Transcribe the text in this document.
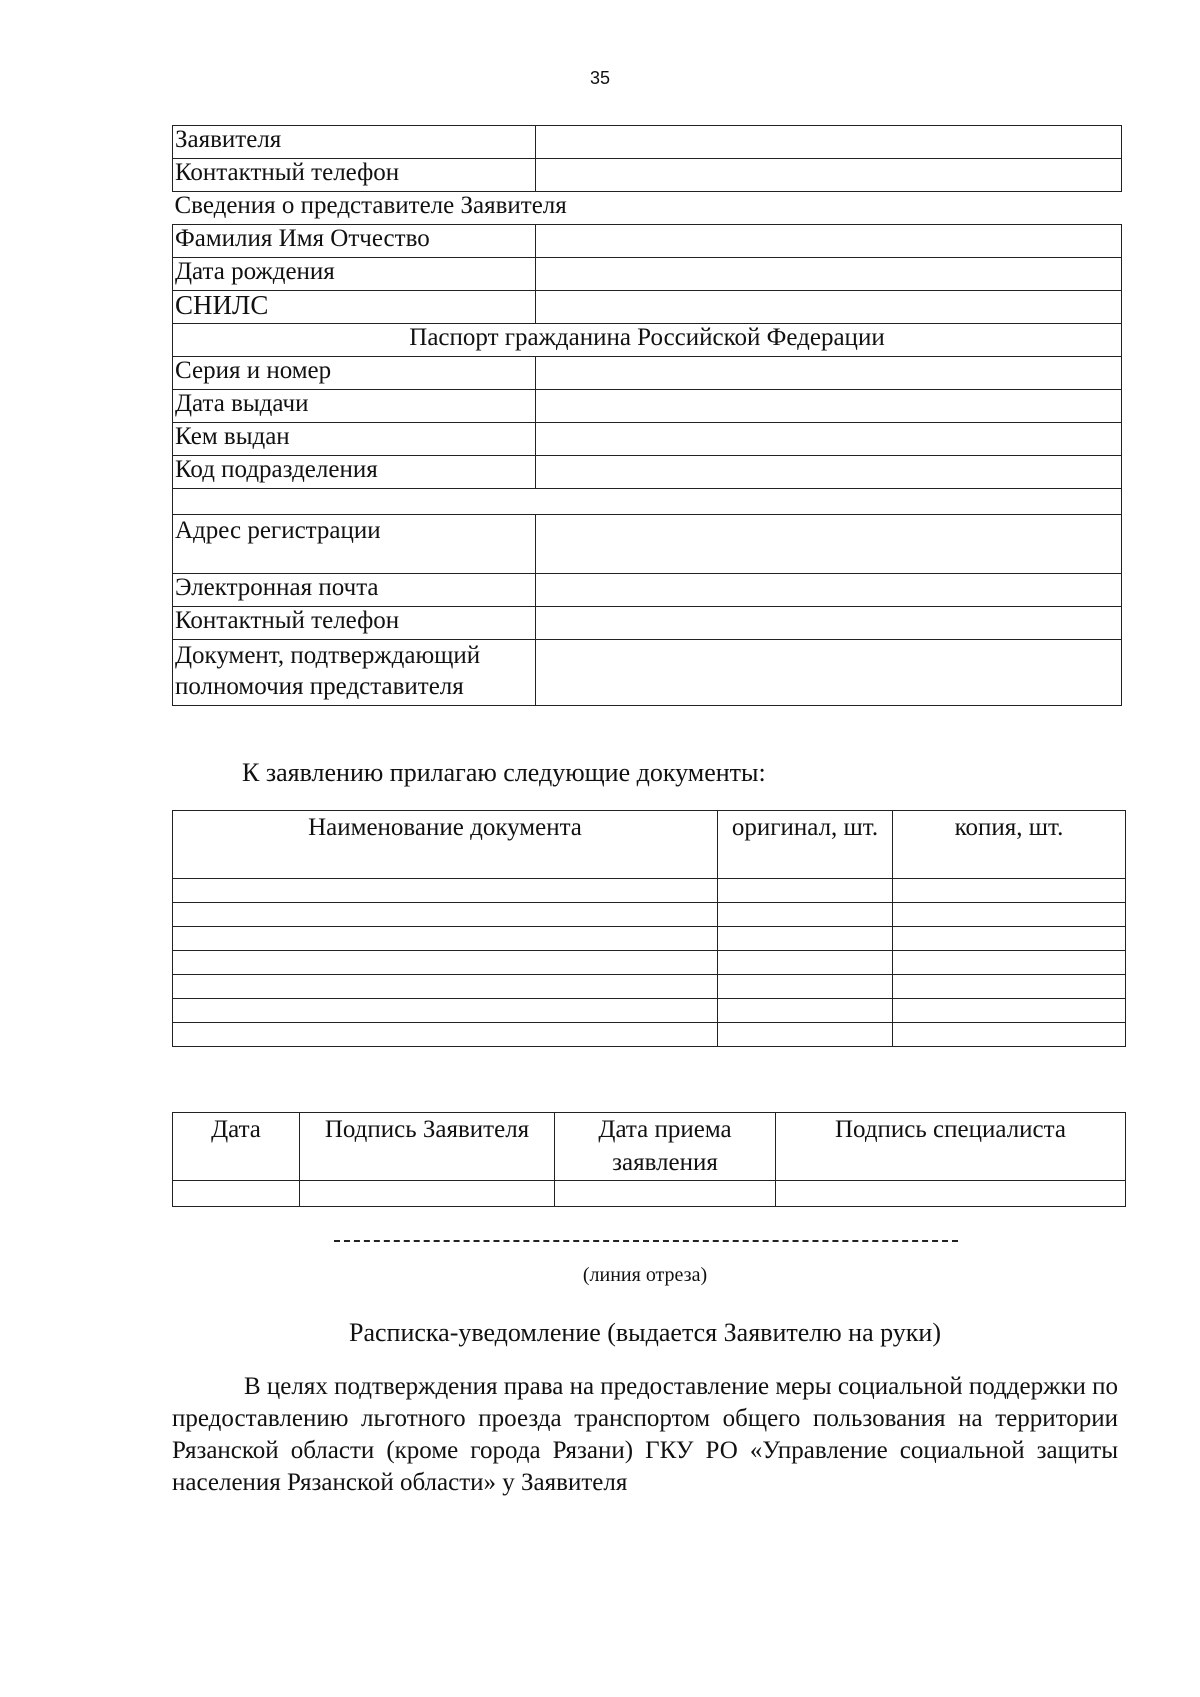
35
Заявителя	
Контактный телефон	
Сведения о представителе Заявителя	
Фамилия Имя Отчество	
Дата рождения	
СНИЛС	
Паспорт гражданина Российской Федерации	
Серия и номер	
Дата выдачи	
Кем выдан	
Код подразделения	

Адрес регистрации	
Электронная почта	
Контактный телефон	
Документ, подтверждающий полномочия представителя	
К заявлению прилагаю следующие документы:
Наименование документа	оригинал, шт.	копия, шт.

Дата	Подпись Заявителя	Дата приема заявления	Подпись специалиста

(линия отреза)
Расписка-уведомление (выдается Заявителю на руки)
В целях подтверждения права на предоставление меры социальной поддержки по предоставлению льготного проезда транспортом общего пользования на территории Рязанской области (кроме города Рязани) ГКУ РО «Управление социальной защиты населения Рязанской области» у Заявителя
